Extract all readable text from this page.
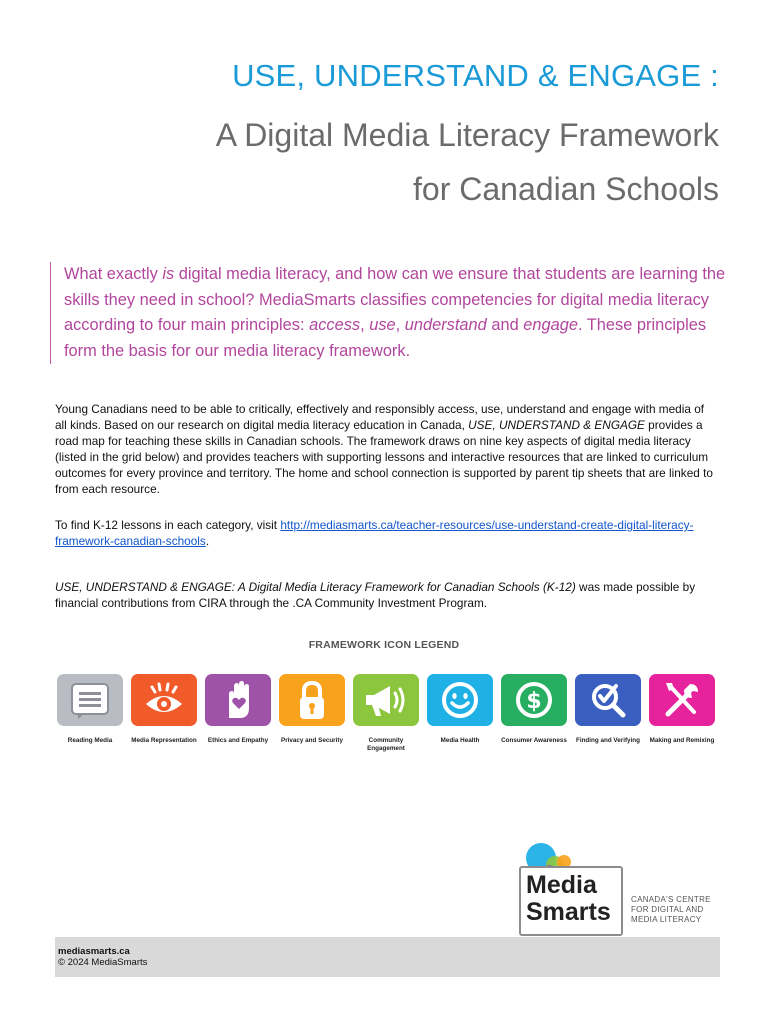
USE, UNDERSTAND & ENGAGE :
A Digital Media Literacy Framework
for Canadian Schools

What exactly is digital media literacy, and how can we ensure that students are learning the skills they need in school? MediaSmarts classifies competencies for digital media literacy according to four main principles: access, use, understand and engage. These principles form the basis for our media literacy framework.

Young Canadians need to be able to critically, effectively and responsibly access, use, understand and engage with media of all kinds. Based on our research on digital media literacy education in Canada, USE, UNDERSTAND & ENGAGE provides a road map for teaching these skills in Canadian schools. The framework draws on nine key aspects of digital media literacy (listed in the grid below) and provides teachers with supporting lessons and interactive resources that are linked to curriculum outcomes for every province and territory. The home and school connection is supported by parent tip sheets that are linked to from each resource.

To find K-12 lessons in each category, visit http://mediasmarts.ca/teacher-resources/use-understand-create-digital-literacy-framework-canadian-schools.

USE, UNDERSTAND & ENGAGE: A Digital Media Literacy Framework for Canadian Schools (K-12) was made possible by financial contributions from CIRA through the .CA Community Investment Program.

FRAMEWORK ICON LEGEND
Reading Media	Media Representation	Ethics and Empathy	Privacy and Security	Community Engagement
Media Health
$
Consumer Awareness	Finding and Verifying	Making and Remixing
Media
Smarts	CANADA'S CENTRE
FOR DIGITAL AND
MEDIA LITERACY
mediasmarts.ca
© 2024 MediaSmarts
